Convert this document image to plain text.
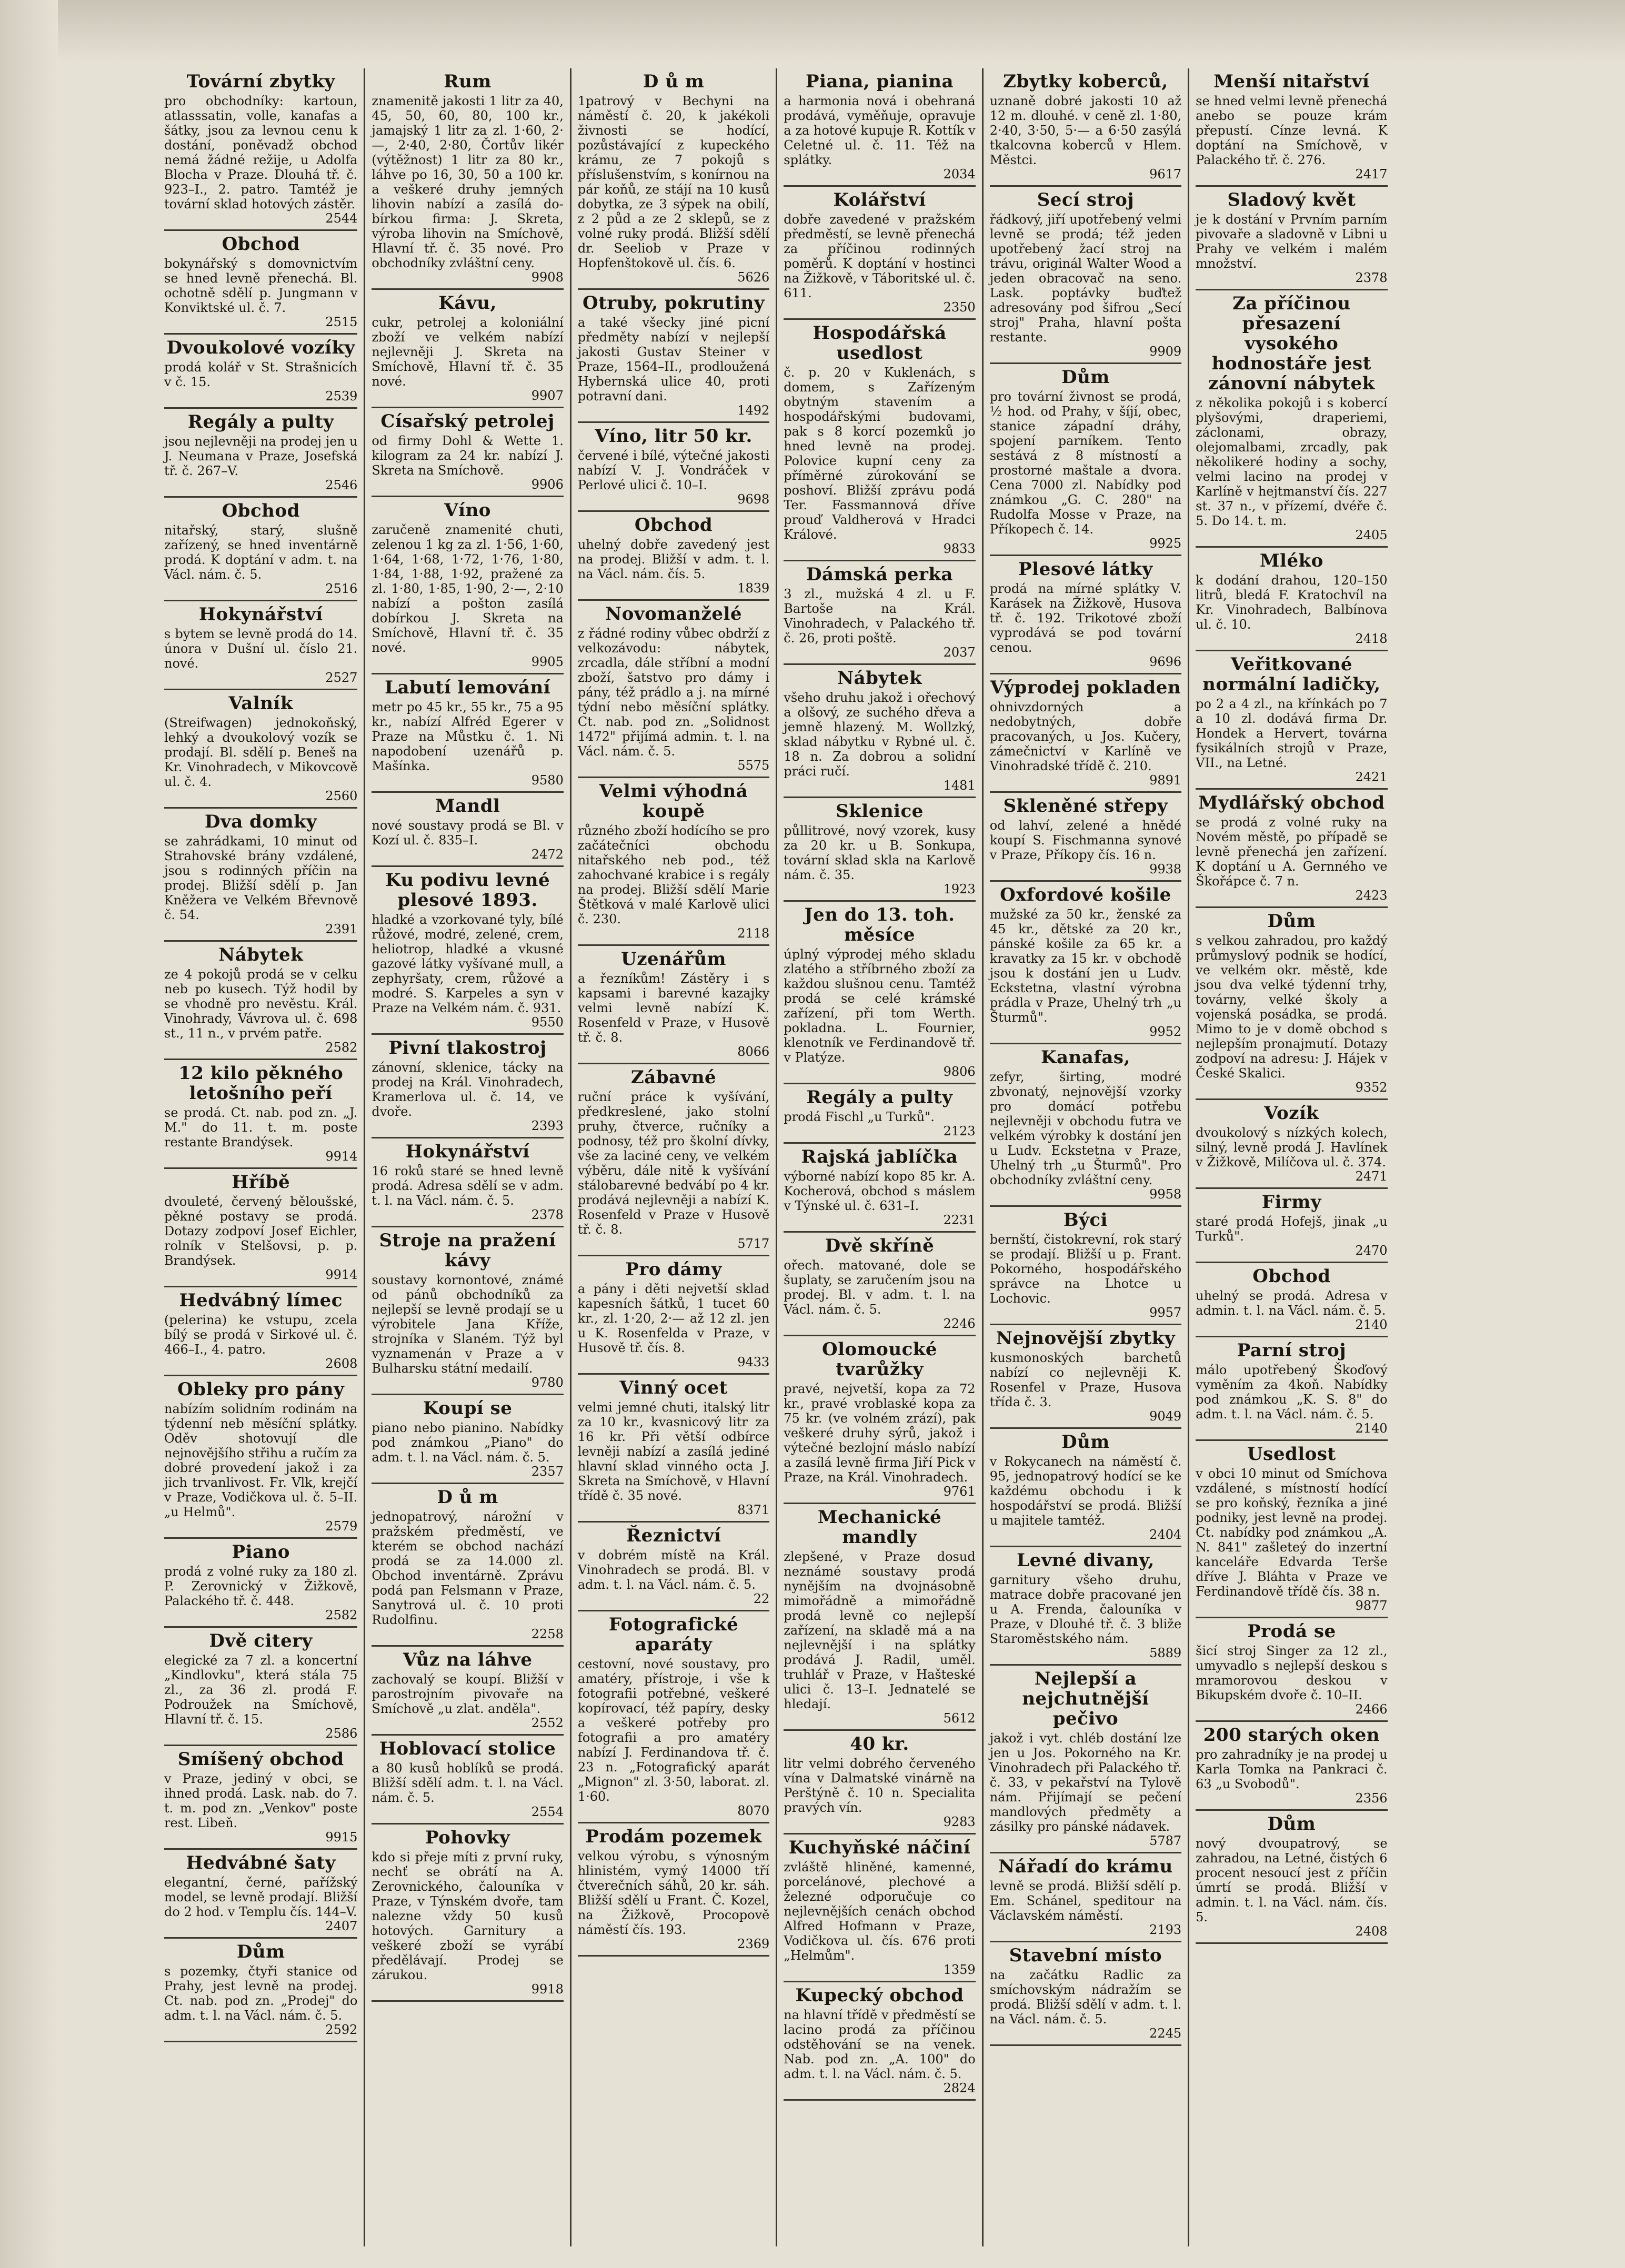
Tovární zbytky

pro obchodníky: kartoun, atlasssatin, volle, kanafas a šátky, jsou za levnou cenu k dostání, poněvadž obchod nemá žádné režije, u Adolfa Blocha v Praze. Dlouhá tř. č. 923–I., 2. patro. Tamtéž je tovární sklad hotových zástěr.

2544
Obchod

bokynářský s domovnictvím se hned levně přenechá. Bl. ochotně sdělí p. Jungmann v Konviktské ul. č. 7.

2515
Dvoukolové vozíky

prodá kolář v St. Strašnicích v č. 15.

2539
Regály a pulty

jsou nejlevněji na prodej jen u J. Neumana v Praze, Josefská tř. č. 267–V.

2546
Obchod

nitařský, starý, slušně zařízený, se hned inventárně prodá. K doptání v adm. t. na Václ. nám. č. 5.

2516
Hokynářství

s bytem se levně prodá do 14. února v Dušní ul. číslo 21. nové.

2527
Valník

(Streifwagen) jednokoňský, lehký a dvoukolový vozík se prodají. Bl. sdělí p. Beneš na Kr. Vinohradech, v Mikovcově ul. č. 4.

2560
Dva domky

se zahrádkami, 10 minut od Strahovské brány vzdálené, jsou s rodinných příčin na prodej. Bližší sdělí p. Jan Kněžera ve Velkém Břevnově č. 54.

2391
Nábytek

ze 4 pokojů prodá se v celku neb po kusech. Týž hodil by se vhodně pro nevěstu. Král. Vinohrady, Vávrova ul. č. 698 st., 11 n., v prvém patře.

2582
12 kilo pěkného letošního peří

se prodá. Ct. nab. pod zn. „J. M." do 11. t. m. poste restante Brandýsek.

9914
Hříbě

dvouleté, červený běloušské, pěkné postavy se prodá. Dotazy zodpoví Josef Eichler, rolník v Stelšovsi, p. p. Brandýsek.

9914
Hedvábný límec

(pelerina) ke vstupu, zcela bílý se prodá v Sirkové ul. č. 466–I., 4. patro.

2608
Obleky pro pány

nabízím solidním rodinám na týdenní neb měsíční splátky. Oděv shotovují dle nejnovějšího střihu a ručím za dobré provedení jakož i za jich trvanlivost. Fr. Vlk, krejčí v Praze, Vodičkova ul. č. 5–II. „u Helmů".

2579
Piano

prodá z volné ruky za 180 zl. P. Zerovnický v Žižkově, Palackého tř. č. 448.

2582
Dvě citery

elegické za 7 zl. a koncertní „Kindlovku", která stála 75 zl., za 36 zl. prodá F. Podroužek na Smíchově, Hlavní tř. č. 15.

2586
Smíšený obchod

v Praze, jediný v obci, se ihned prodá. Lask. nab. do 7. t. m. pod zn. „Venkov" poste rest. Libeň.

9915
Hedvábné šaty

elegantní, černé, pařížský model, se levně prodají. Bližší do 2 hod. v Templu čís. 144–V.

2407
Dům

s pozemky, čtyři stanice od Prahy, jest levně na prodej. Ct. nab. pod zn. „Prodej" do adm. t. l. na Václ. nám. č. 5.

2592
Rum

znamenitě jakosti 1 litr za 40, 45, 50, 60, 80, 100 kr., jamajský 1 litr za zl. 1·60, 2·—, 2·40, 2·80, Čortův likér (výtěžnost) 1 litr za 80 kr., láhve po 16, 30, 50 a 100 kr. a veškeré druhy jemných lihovin nabízí a zasílá do-bírkou firma: J. Skreta, výroba lihovin na Smíchově, Hlavní tř. č. 35 nové. Pro obchodníky zvláštní ceny.

9908
Kávu,

cukr, petrolej a koloniální zboží ve velkém nabízí nejlevněji J. Skreta na Smíchově, Hlavní tř. č. 35 nové.

9907
Císařský petrolej

od firmy Dohl & Wette 1. kilogram za 24 kr. nabízí J. Skreta na Smíchově.

9906
Víno

zaručeně znamenité chuti, zelenou 1 kg za zl. 1·56, 1·60, 1·64, 1·68, 1·72, 1·76, 1·80, 1·84, 1·88, 1·92, pražené za zl. 1·80, 1·85, 1·90, 2·—, 2·10 nabízí a pošton zasílá dobírkou J. Skreta na Smíchově, Hlavní tř. č. 35 nové.

9905
Labutí lemování

metr po 45 kr., 55 kr., 75 a 95 kr., nabízí Alfréd Egerer v Praze na Můstku č. 1. Ni napodobení uzenářů p. Mašínka.

9580
Mandl

nové soustavy prodá se Bl. v Kozí ul. č. 835–I.

2472
Ku podivu levné plesové 1893.

hladké a vzorkované tyly, bílé růžové, modré, zelené, crem, heliotrop, hladké a vkusné gazové látky vyšívané mull, a zephyršaty, crem, růžové a modré. S. Karpeles a syn v Praze na Velkém nám. č. 931.

9550
Pivní tlakostroj

zánovní, sklenice, tácky na prodej na Král. Vinohradech, Kramerlova ul. č. 14, ve dvoře.

2393
Hokynářství

16 roků staré se hned levně prodá. Adresa sdělí se v adm. t. l. na Václ. nám. č. 5.

2378
Stroje na pražení kávy

soustavy kornontové, známé od pánů obchodníků za nejlepší se levně prodají se u výrobitele Jana Kříže, strojníka v Slaném. Týž byl vyznamenán v Praze a v Bulharsku státní medailí.

9780
Koupí se

piano nebo pianino. Nabídky pod známkou „Piano" do adm. t. l. na Václ. nám. č. 5.

2357
D ů m

jednopatrový, nárožní v pražském předměstí, ve kterém se obchod nachází prodá se za 14.000 zl. Obchod inventárně. Zprávu podá pan Felsmann v Praze, Sanytrová ul. č. 10 proti Rudolfinu.

2258
Vůz na láhve

zachovalý se koupí. Bližší v parostrojním pivovaře na Smíchově „u zlat. anděla".

2552
Hoblovací stolice

a 80 kusů hoblíků se prodá. Bližší sdělí adm. t. l. na Václ. nám. č. 5.

2554
Pohovky

kdo si přeje míti z první ruky, nechť se obrátí na A. Zerovnického, čalouníka v Praze, v Týnském dvoře, tam nalezne vždy 50 kusů hotových. Garnitury a veškeré zboží se vyrábí předělávají. Prodej se zárukou.

9918
D ů m

1patrový v Bechyni na náměstí č. 20, k jakékoli živnosti se hodící, pozůstávající z kupeckého krámu, ze 7 pokojů s příslušenstvím, s konírnou na pár koňů, ze stájí na 10 kusů dobytka, ze 3 sýpek na obilí, z 2 půd a ze 2 sklepů, se z volné ruky prodá. Bližší sdělí dr. Seeliob v Praze v Hopfenštokově ul. čís. 6.

5626
Otruby, pokrutiny

a také všecky jiné picní předměty nabízí v nejlepší jakosti Gustav Steiner v Praze, 1564–II., prodloužená Hybernská ulice 40, proti potravní dani.

1492
Víno, litr 50 kr.

červené i bílé, výtečné jakosti nabízí V. J. Vondráček v Perlové ulici č. 10–I.

9698
Obchod

uhelný dobře zavedený jest na prodej. Bližší v adm. t. l. na Václ. nám. čís. 5.

1839
Novomanželé

z řádné rodiny vůbec obdrží z velkozávodu: nábytek, zrcadla, dále stříbní a modní zboží, šatstvo pro dámy i pány, též prádlo a j. na mírné týdní nebo měsíční splátky. Ct. nab. pod zn. „Solidnost 1472" přijímá admin. t. l. na Václ. nám. č. 5.

5575
Velmi výhodná koupě

různého zboží hodícího se pro začátečníci obchodu nitařského neb pod., též zahochvané krabice i s regály na prodej. Bližší sdělí Marie Štětková v malé Karlově ulici č. 230.

2118
Uzenářům

a řezníkům! Zástěry i s kapsami i barevné kazajky velmi levně nabízí K. Rosenfeld v Praze, v Husově tř. č. 8.

8066
Zábavné

ruční práce k vyšívání, předkreslené, jako stolní pruhy, čtverce, ručníky a podnosy, též pro školní dívky, vše za laciné ceny, ve velkém výběru, dále nitě k vyšívání stálobarevné bedvábí po 4 kr. prodává nejlevněji a nabízí K. Rosenfeld v Praze v Husově tř. č. 8.

5717
Pro dámy

a pány i děti nejvetší sklad kapesních šátků, 1 tucet 60 kr., zl. 1·20, 2·— až 12 zl. jen u K. Rosenfelda v Praze, v Husově tř. čís. 8.

9433
Vinný ocet

velmi jemné chuti, italský litr za 10 kr., kvasnicový litr za 16 kr. Při větší odbírce levněji nabízí a zasílá jediné hlavní sklad vinného octa J. Skreta na Smíchově, v Hlavní třídě č. 35 nové.

8371
Řeznictví

v dobrém místě na Král. Vinohradech se prodá. Bl. v adm. t. l. na Václ. nám. č. 5.

22
Fotografické aparáty

cestovní, nové soustavy, pro amatéry, přístroje, i vše k fotografii potřebné, veškeré kopírovací, též papíry, desky a veškeré potřeby pro fotografii a pro amatéry nabízí J. Ferdinandova tř. č. 23 n. „Fotografický aparát „Mignon" zl. 3·50, laborat. zl. 1·60.

8070
Prodám pozemek

velkou výrobu, s výnosným hlinistém, vymý 14000 tří čtverečních sáhů, 20 kr. sáh. Bližší sdělí u Frant. Č. Kozel, na Žižkově, Procopově náměstí čís. 193.

2369
Piana, pianina

a harmonia nová i obehraná prodává, vyměňuje, opravuje a za hotové kupuje R. Kottík v Celetné ul. č. 11. Též na splátky.

2034
Kolářství

dobře zavedené v pražském předměstí, se levně přenechá za příčinou rodinných poměrů. K doptání v hostinci na Žižkově, v Táboritské ul. č. 611.

2350
Hospodářská usedlost

č. p. 20 v Kuklenách, s domem, s Zařízeným obytným stavením a hospodářskými budovami, pak s 8 korcí pozemků jo hned levně na prodej. Polovice kupní ceny za příměrné zúrokování se poshoví. Bližší zprávu podá Ter. Fassmannová dříve prouď Valdherová v Hradci Králové.

9833
Dámská perka

3 zl., mužská 4 zl. u F. Bartoše na Král. Vinohradech, v Palackého tř. č. 26, proti poště.

2037
Nábytek

všeho druhu jakož i ořechový a olšový, ze suchého dřeva a jemně hlazený. M. Wollzký, sklad nábytku v Rybné ul. č. 18 n. Za dobrou a solidní práci ručí.

1481
Sklenice

půllitrové, nový vzorek, kusy za 20 kr. u B. Sonkupa, tovární sklad skla na Karlově nám. č. 35.

1923
Jen do 13. toh. měsíce

úplný výprodej mého skladu zlatého a stříbrného zboží za každou slušnou cenu. Tamtéž prodá se celé krámské zařízení, při tom Werth. pokladna. L. Fournier, klenotník ve Ferdinandově tř. v Platýze.

9806
Regály a pulty

prodá Fischl „u Turků".

2123
Rajská jablíčka

výborné nabízí kopo 85 kr. A. Kocherová, obchod s máslem v Týnské ul. č. 631–I.

2231
Dvě skříně

ořech. matované, dole se šuplaty, se zaručením jsou na prodej. Bl. v adm. t. l. na Václ. nám. č. 5.

2246
Olomoucké tvarůžky

pravé, nejvetší, kopa za 72 kr., pravé vroblaské kopa za 75 kr. (ve volném zrází), pak veškeré druhy sýrů, jakož i výtečné bezlojní máslo nabízí a zasílá levně firma Jiří Pick v Praze, na Král. Vinohradech.

9761
Mechanické mandly

zlepšené, v Praze dosud neznámé soustavy prodá nynějším na dvojnásobně mimořádně a mimořádně prodá levně co nejlepší zařízení, na skladě má a na nejlevnější i na splátky prodává J. Radil, uměl. truhlář v Praze, v Hašteské ulici č. 13–I. Jednatelé se hledají.

5612
40 kr.

litr velmi dobrého červeného vína v Dalmatské vinárně na Perštýně č. 10 n. Specialita pravých vín.

9283
Kuchyňské náčiní

zvláště hliněné, kamenné, porcelánové, plechové a železné odporučuje co nejlevnějších cenách obchod Alfred Hofmann v Praze, Vodičkova ul. čís. 676 proti „Helmům".

1359
Kupecký obchod

na hlavní třídě v předměstí se lacino prodá za příčinou odstěhování se na venek. Nab. pod zn. „A. 100" do adm. t. l. na Václ. nám. č. 5.

2824
Zbytky koberců,

uznaně dobré jakosti 10 až 12 m. dlouhé. v ceně zl. 1·80, 2·40, 3·50, 5·— a 6·50 zasýlá tkalcovna koberců v Hlem. Městci.

9617
Secí stroj

řádkový, jiří upotřebený velmi levně se prodá; též jeden upotřebený žací stroj na trávu, originál Walter Wood a jeden obracovač na seno. Lask. poptávky buďtež adresovány pod šifrou „Secí stroj" Praha, hlavní pošta restante.

9909
Dům

pro tovární živnost se prodá, ½ hod. od Prahy, v šíjí, obec, stanice západní dráhy, spojení parníkem. Tento sestává z 8 místností a prostorné maštale a dvora. Cena 7000 zl. Nabídky pod známkou „G. C. 280" na Rudolfa Mosse v Praze, na Příkopech č. 14.

9925
Plesové látky

prodá na mírné splátky V. Karásek na Žižkově, Husova tř. č. 192. Trikotové zboží vyprodává se pod tovární cenou.

9696
Výprodej pokladen

ohnivzdorných a nedobytných, dobře pracovaných, u Jos. Kučery, zámečnictví v Karlíně ve Vinohradské třídě č. 210.

9891
Skleněné střepy

od lahví, zelené a hnědé koupí S. Fischmanna synové v Praze, Příkopy čís. 16 n.

9938
Oxfordové košile

mužské za 50 kr., ženské za 45 kr., dětské za 20 kr., pánské košile za 65 kr. a kravatky za 15 kr. v obchodě jsou k dostání jen u Ludv. Eckstetna, vlastní výrobna prádla v Praze, Uhelný trh „u Šturmů".

9952
Kanafas,

zefyr, širting, modré zbvonatý, nejnovější vzorky pro domácí potřebu nejlevněji v obchodu futra ve velkém výrobky k dostání jen u Ludv. Eckstetna v Praze, Uhelný trh „u Šturmů". Pro obchodníky zvláštní ceny.

9958
Býci

bernští, čistokrevní, rok starý se prodají. Bližší u p. Frant. Pokorného, hospodářského správce na Lhotce u Lochovic.

9957
Nejnovější zbytky

kusmonoských barchetů nabízí co nejlevněji K. Rosenfel v Praze, Husova třída č. 3.

9049
Dům

v Rokycanech na náměstí č. 95, jednopatrový hodící se ke každému obchodu i k hospodářství se prodá. Bližší u majitele tamtéž.

2404
Levné divany,

garnitury všeho druhu, matrace dobře pracované jen u A. Frenda, čalouníka v Praze, v Dlouhé tř. č. 3 bliže Staroměstského nám.

5889
Nejlepší a nejchutnější pečivo

jakož i vyt. chléb dostání lze jen u Jos. Pokorného na Kr. Vinohradech při Palackého tř. č. 33, v pekařství na Tylově nám. Přijímají se pečení mandlových předměty a zásilky pro pánské nádavek.

5787
Nářadí do krámu

levně se prodá. Bližší sdělí p. Em. Schánel, speditour na Václavském náměstí.

2193
Stavební místo

na začátku Radlic za smíchovským nádražím se prodá. Bližší sdělí v adm. t. l. na Václ. nám. č. 5.

2245
Menší nitařství

se hned velmi levně přenechá anebo se pouze krám přepustí. Cínze levná. K doptání na Smíchově, v Palackého tř. č. 276.

2417
Sladový květ

je k dostání v Prvním parním pivovaře a sladovně v Libni u Prahy ve velkém i malém množství.

2378
Za příčinou přesazení vysokého hodnostáře jest zánovní nábytek

z několika pokojů i s kobercí plyšovými, draperiemi, záclonami, obrazy, olejomalbami, zrcadly, pak několikeré hodiny a sochy, velmi lacino na prodej v Karlíně v hejtmanství čís. 227 st. 37 n., v přízemí, dvéře č. 5. Do 14. t. m.

2405
Mléko

k dodání drahou, 120–150 litrů, bledá F. Kratochvíl na Kr. Vinohradech, Balbínova ul. č. 10.

2418
Veřitkované normální ladičky,

po 2 a 4 zl., na křínkách po 7 a 10 zl. dodává firma Dr. Hondek a Hervert, továrna fysikálních strojů v Praze, VII., na Letné.

2421
Mydlářský obchod

se prodá z volné ruky na Novém městě, po případě se levně přenechá jen zařízení. K doptání u A. Gernného ve Škořápce č. 7 n.

2423
Dům

s velkou zahradou, pro každý průmyslový podnik se hodící, ve velkém okr. městě, kde jsou dva velké týdenní trhy, továrny, velké školy a vojenská posádka, se prodá. Mimo to je v domě obchod s nejlepším pronajmutí. Dotazy zodpoví na adresu: J. Hájek v České Skalici.

9352
Vozík

dvoukolový s nízkých kolech, silný, levně prodá J. Havlínek v Žižkově, Milíčova ul. č. 374.

2471
Firmy

staré prodá Hofejš, jinak „u Turků".

2470
Obchod

uhelný se prodá. Adresa v admin. t. l. na Václ. nám. č. 5.

2140
Parní stroj

málo upotřebený Škoďový vyměním za 4koň. Nabídky pod známkou „K. S. 8" do adm. t. l. na Václ. nám. č. 5.

2140
Usedlost

v obci 10 minut od Smíchova vzdálené, s místností hodící se pro koňský, řezníka a jiné podniky, jest levně na prodej. Ct. nabídky pod známkou „A. N. 841" zašleteý do inzertní kanceláře Edvarda Terše dříve J. Bláhta v Praze ve Ferdinandově třídě čís. 38 n.

9877
Prodá se

šicí stroj Singer za 12 zl., umyvadlo s nejlepší deskou s mramorovou deskou v Bikupském dvoře č. 10–II.

2466
200 starých oken

pro zahradníky je na prodej u Karla Tomka na Pankraci č. 63 „u Svobodů".

2356
Dům

nový dvoupatrový, se zahradou, na Letné, čistých 6 procent nesoucí jest z příčin úmrtí se prodá. Bližší v admin. t. l. na Václ. nám. čís. 5.

2408
